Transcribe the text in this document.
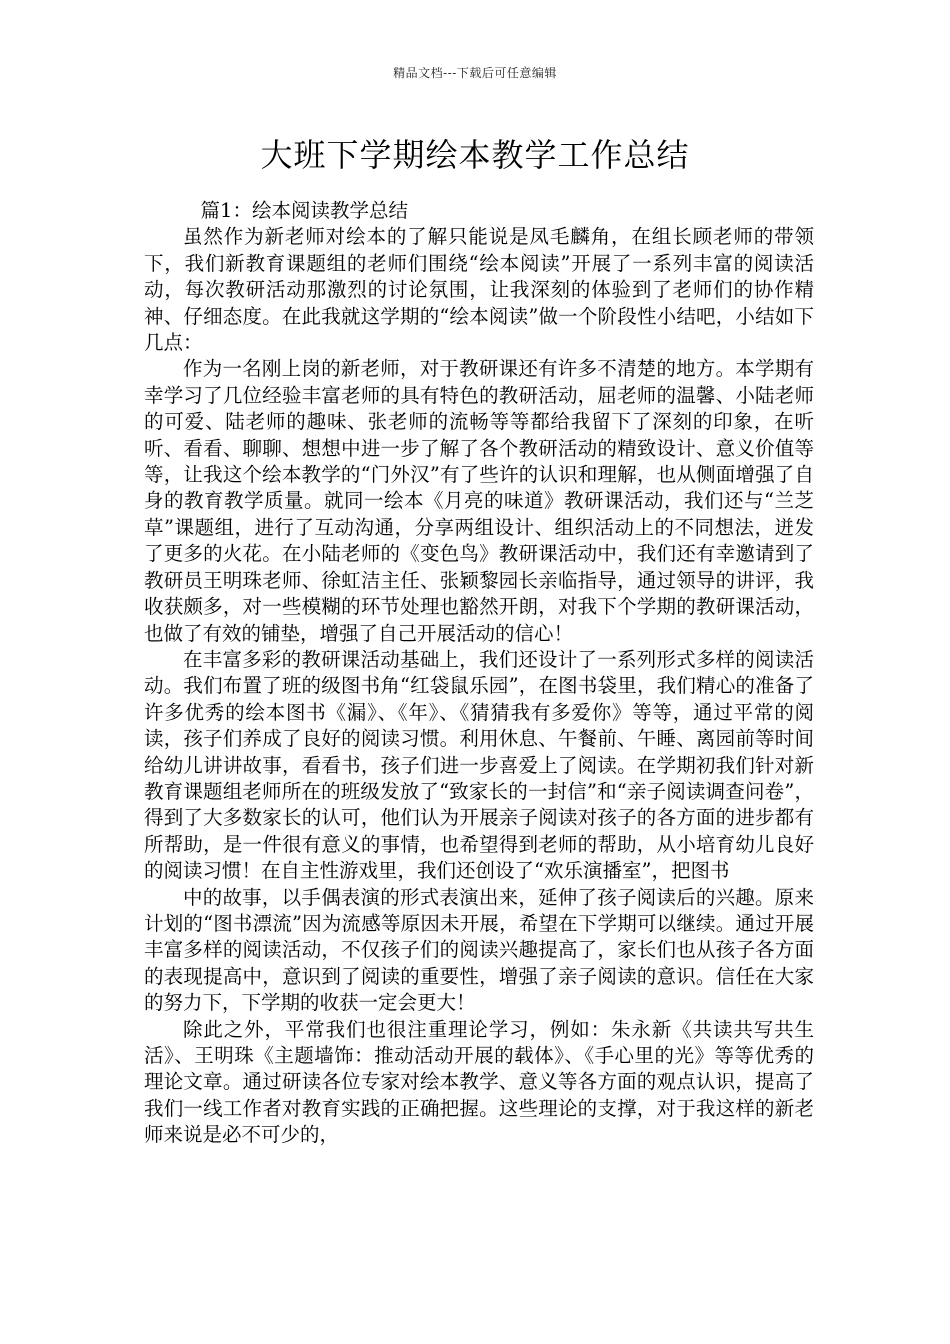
精品文档---下载后可任意编辑
大班下学期绘本教学工作总结

篇1：绘本阅读教学总结

虽然作为新老师对绘本的了解只能说是凤毛麟角，在组长顾老师的带领下，我们新教育课题组的老师们围绕“绘本阅读”开展了一系列丰富的阅读活动，每次教研活动那激烈的讨论氛围，让我深刻的体验到了老师们的协作精神、仔细态度。在此我就这学期的“绘本阅读”做一个阶段性小结吧，小结如下几点：

作为一名刚上岗的新老师，对于教研课还有许多不清楚的地方。本学期有幸学习了几位经验丰富老师的具有特色的教研活动，屈老师的温馨、小陆老师的可爱、陆老师的趣味、张老师的流畅等等都给我留下了深刻的印象，在听听、看看、聊聊、想想中进一步了解了各个教研活动的精致设计、意义价值等等，让我这个绘本教学的“门外汉”有了些许的认识和理解，也从侧面增强了自身的教育教学质量。就同一绘本《月亮的味道》教研课活动，我们还与“兰芝草”课题组，进行了互动沟通，分享两组设计、组织活动上的不同想法，迸发了更多的火花。在小陆老师的《变色鸟》教研课活动中，我们还有幸邀请到了教研员王明珠老师、徐虹洁主任、张颖黎园长亲临指导，通过领导的讲评，我收获颇多，对一些模糊的环节处理也豁然开朗，对我下个学期的教研课活动，也做了有效的铺垫，增强了自己开展活动的信心！

在丰富多彩的教研课活动基础上，我们还设计了一系列形式多样的阅读活动。我们布置了班的级图书角“红袋鼠乐园”，在图书袋里，我们精心的准备了许多优秀的绘本图书《漏》、《年》、《猜猜我有多爱你》等等，通过平常的阅读，孩子们养成了良好的阅读习惯。利用休息、午餐前、午睡、离园前等时间给幼儿讲讲故事，看看书，孩子们进一步喜爱上了阅读。在学期初我们针对新教育课题组老师所在的班级发放了“致家长的一封信”和“亲子阅读调查问卷”，得到了大多数家长的认可，他们认为开展亲子阅读对孩子的各方面的进步都有所帮助，是一件很有意义的事情，也希望得到老师的帮助，从小培育幼儿良好的阅读习惯！在自主性游戏里，我们还创设了“欢乐演播室”，把图书

中的故事，以手偶表演的形式表演出来，延伸了孩子阅读后的兴趣。原来计划的“图书漂流”因为流感等原因未开展，希望在下学期可以继续。通过开展丰富多样的阅读活动，不仅孩子们的阅读兴趣提高了，家长们也从孩子各方面的表现提高中，意识到了阅读的重要性，增强了亲子阅读的意识。信任在大家的努力下，下学期的收获一定会更大！

除此之外，平常我们也很注重理论学习，例如：朱永新《共读共写共生活》、王明珠《主题墙饰：推动活动开展的载体》、《手心里的光》等等优秀的理论文章。通过研读各位专家对绘本教学、意义等各方面的观点认识，提高了我们一线工作者对教育实践的正确把握。这些理论的支撑，对于我这样的新老师来说是必不可少的，
